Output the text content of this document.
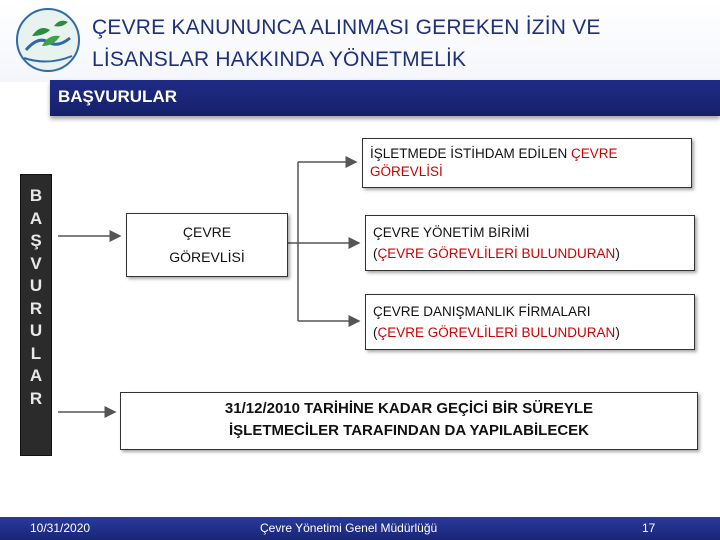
ÇEVRE KANUNUNCA ALINMASI GEREKEN İZİN VE
LİSANSLAR HAKKINDA YÖNETMELİK
BAŞVURULAR
B
A
Ş
V
U
R
U
L
A
R
ÇEVRE
GÖREVLİSİ
İŞLETMEDE İSTİHDAM EDİLEN ÇEVRE GÖREVLİSİ
ÇEVRE YÖNETİM BİRİMİ
(ÇEVRE GÖREVLİLERİ BULUNDURAN)
ÇEVRE DANIŞMANLIK FİRMALARI
(ÇEVRE GÖREVLİLERİ BULUNDURAN)
31/12/2010 TARİHİNE KADAR GEÇİCİ BİR SÜREYLE
İŞLETMECİLER TARAFINDAN DA YAPILABİLECEK
10/31/2020	Çevre Yönetimi Genel Müdürlüğü	17
